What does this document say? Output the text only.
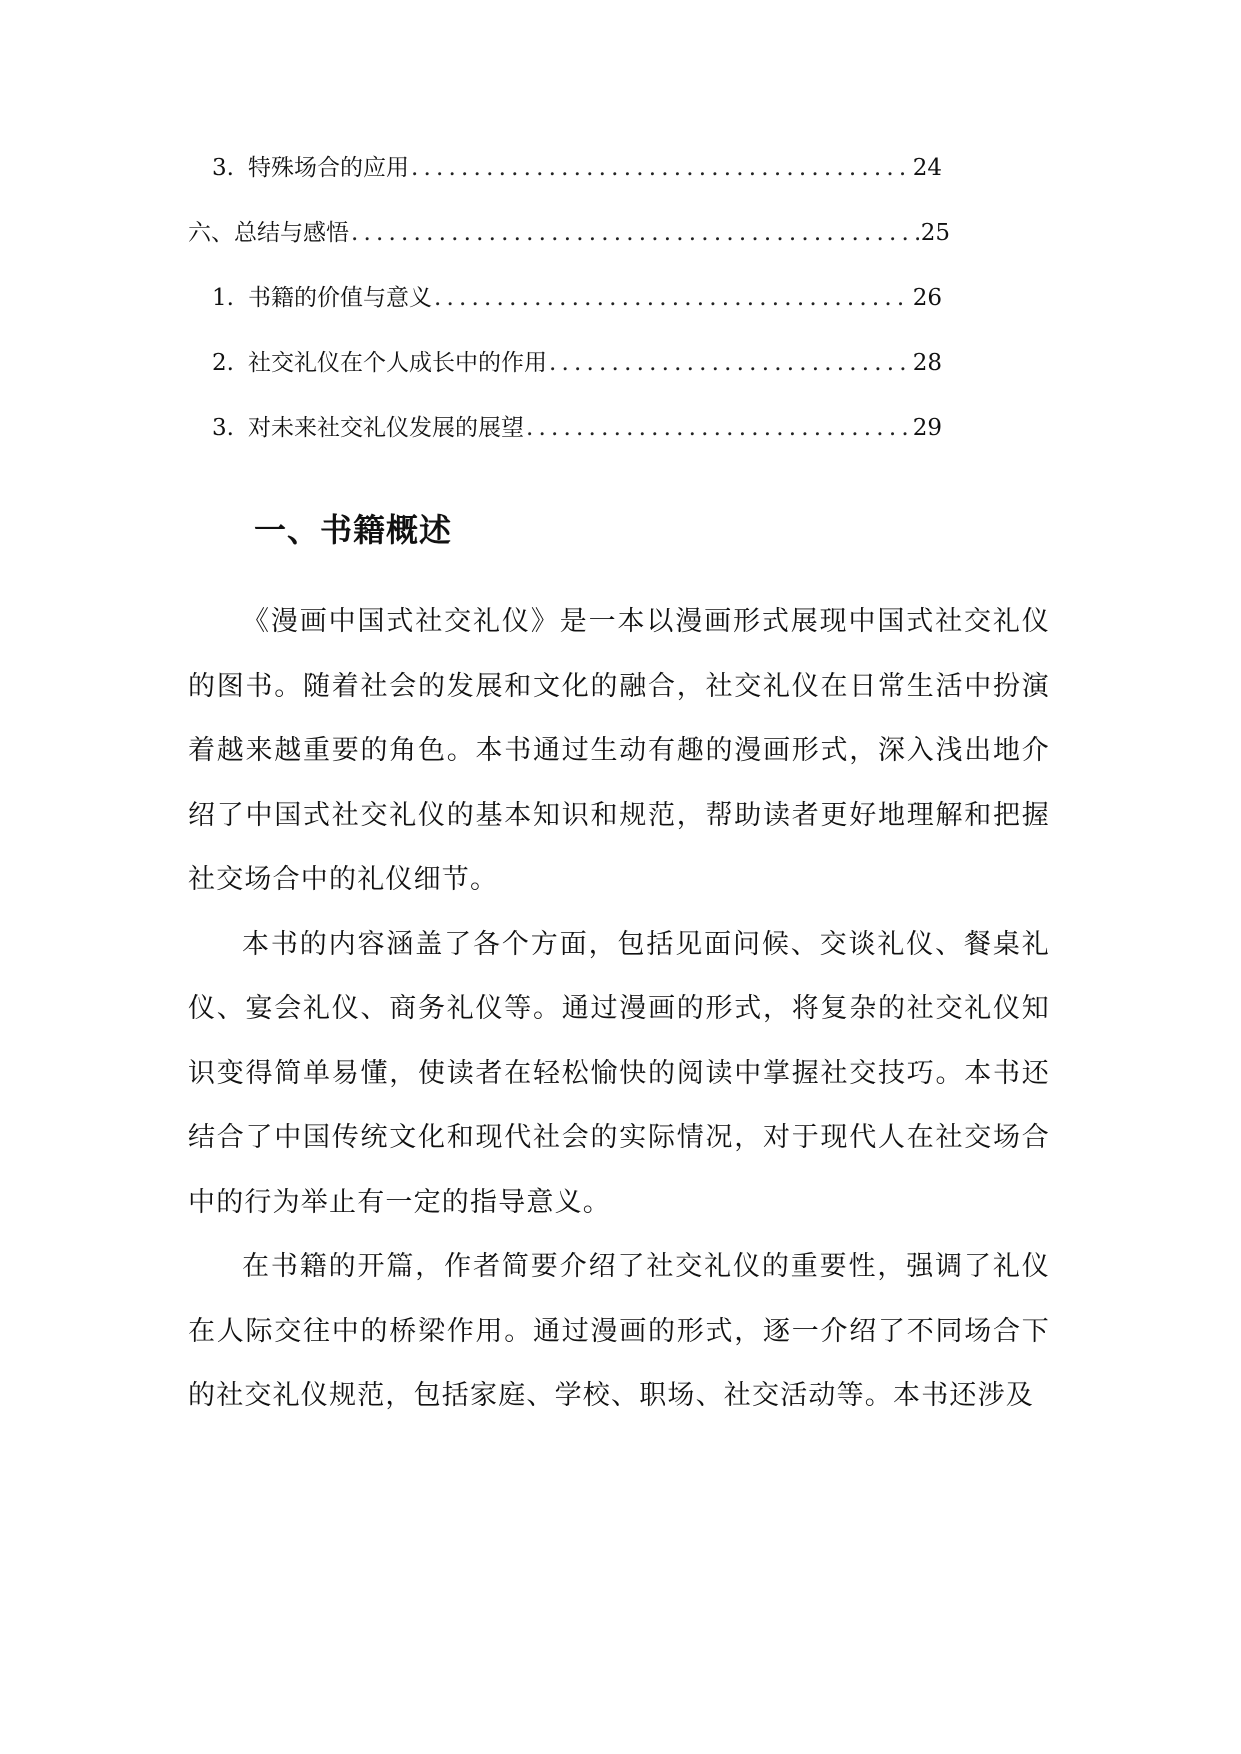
3. 特殊场合的应用 .....	24
六、总结与感悟 .....	25
1. 书籍的价值与意义 .....	26
2. 社交礼仪在个人成长中的作用 .....	28
3. 对未来社交礼仪发展的展望 .....	29
一、书籍概述

《漫画中国式社交礼仪》是一本以漫画形式展现中国式社交礼仪的图书。随着社会的发展和文化的融合，社交礼仪在日常生活中扮演着越来越重要的角色。本书通过生动有趣的漫画形式，深入浅出地介绍了中国式社交礼仪的基本知识和规范，帮助读者更好地理解和把握社交场合中的礼仪细节。

本书的内容涵盖了各个方面，包括见面问候、交谈礼仪、餐桌礼仪、宴会礼仪、商务礼仪等。通过漫画的形式，将复杂的社交礼仪知识变得简单易懂，使读者在轻松愉快的阅读中掌握社交技巧。本书还结合了中国传统文化和现代社会的实际情况，对于现代人在社交场合中的行为举止有一定的指导意义。

在书籍的开篇，作者简要介绍了社交礼仪的重要性，强调了礼仪在人际交往中的桥梁作用。通过漫画的形式，逐一介绍了不同场合下的社交礼仪规范，包括家庭、学校、职场、社交活动等。本书还涉及
